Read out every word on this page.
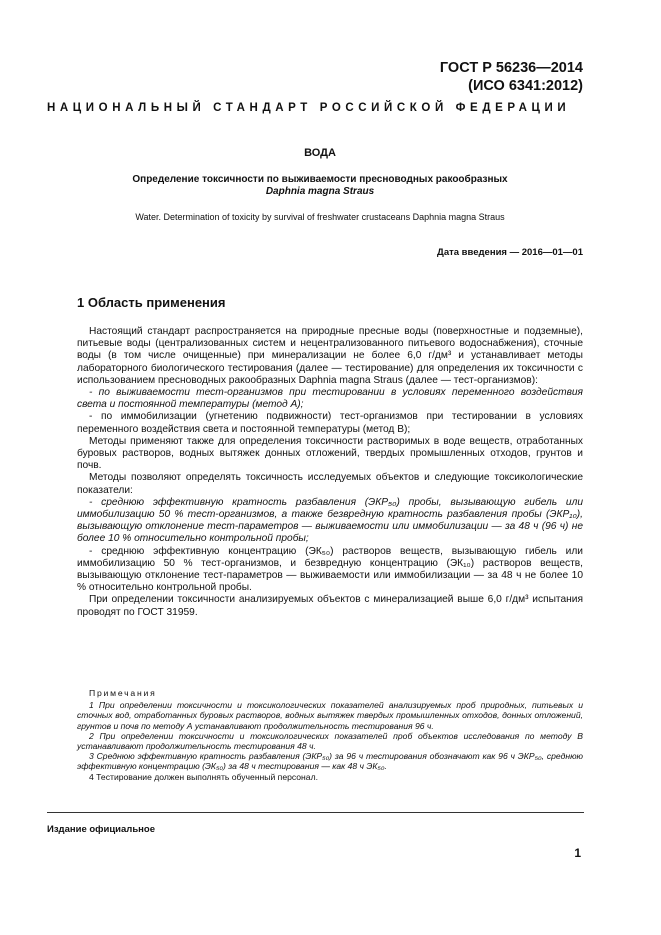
ГОСТ Р 56236—2014
(ИСО 6341:2012)
НАЦИОНАЛЬНЫЙ СТАНДАРТ РОССИЙСКОЙ ФЕДЕРАЦИИ
ВОДА
Определение токсичности по выживаемости пресноводных ракообразных
Daphnia magna Straus
Water. Determination of toxicity by survival of freshwater crustaceans Daphnia magna Straus
Дата введения — 2016—01—01
1 Область применения

Настоящий стандарт распространяется на природные пресные воды (поверхностные и подземные), питьевые воды (централизованных систем и нецентрализованного питьевого водоснабжения), сточные воды (в том числе очищенные) при минерализации не более 6,0 г/дм³ и устанавливает методы лабораторного биологического тестирования (далее — тестирование) для определения их токсичности с использованием пресноводных ракообразных Daphnia magna Straus (далее — тест-организмов):

- по выживаемости тест-организмов при тестировании в условиях переменного воздействия света и постоянной температуры (метод А);

- по иммобилизации (угнетению подвижности) тест-организмов при тестировании в условиях переменного воздействия света и постоянной температуры (метод В);

Методы применяют также для определения токсичности растворимых в воде веществ, отработанных буровых растворов, водных вытяжек донных отложений, твердых промышленных отходов, грунтов и почв.

Методы позволяют определять токсичность исследуемых объектов и следующие токсикологические показатели:

- среднюю эффективную кратность разбавления (ЭКР₅₀) пробы, вызывающую гибель или иммобилизацию 50 % тест-организмов, а также безвредную кратность разбавления пробы (ЭКР₁₀), вызывающую отклонение тест-параметров — выживаемости или иммобилизации — за 48 ч (96 ч) не более 10 % относительно контрольной пробы;

- среднюю эффективную концентрацию (ЭК₅₀) растворов веществ, вызывающую гибель или иммобилизацию 50 % тест-организмов, и безвредную концентрацию (ЭК₁₀) растворов веществ, вызывающую отклонение тест-параметров — выживаемости или иммобилизации — за 48 ч не более 10 % относительно контрольной пробы.

При определении токсичности анализируемых объектов с минерализацией выше 6,0 г/дм³ испытания проводят по ГОСТ 31959.

Примечания

1 При определении токсичности и токсикологических показателей анализируемых проб природных, питьевых и сточных вод, отработанных буровых растворов, водных вытяжек твердых промышленных отходов, донных отложений, грунтов и почв по методу А устанавливают продолжительность тестирования 96 ч.

2 При определении токсичности и токсикологических показателей проб объектов исследования по методу В устанавливают продолжительность тестирования 48 ч.

3 Среднюю эффективную кратность разбавления (ЭКР₅₀) за 96 ч тестирования обозначают как 96 ч ЭКР₅₀, среднюю эффективную концентрацию (ЭК₅₀) за 48 ч тестирования — как 48 ч ЭК₅₀.

4 Тестирование должен выполнять обученный персонал.

Издание официальное
1
